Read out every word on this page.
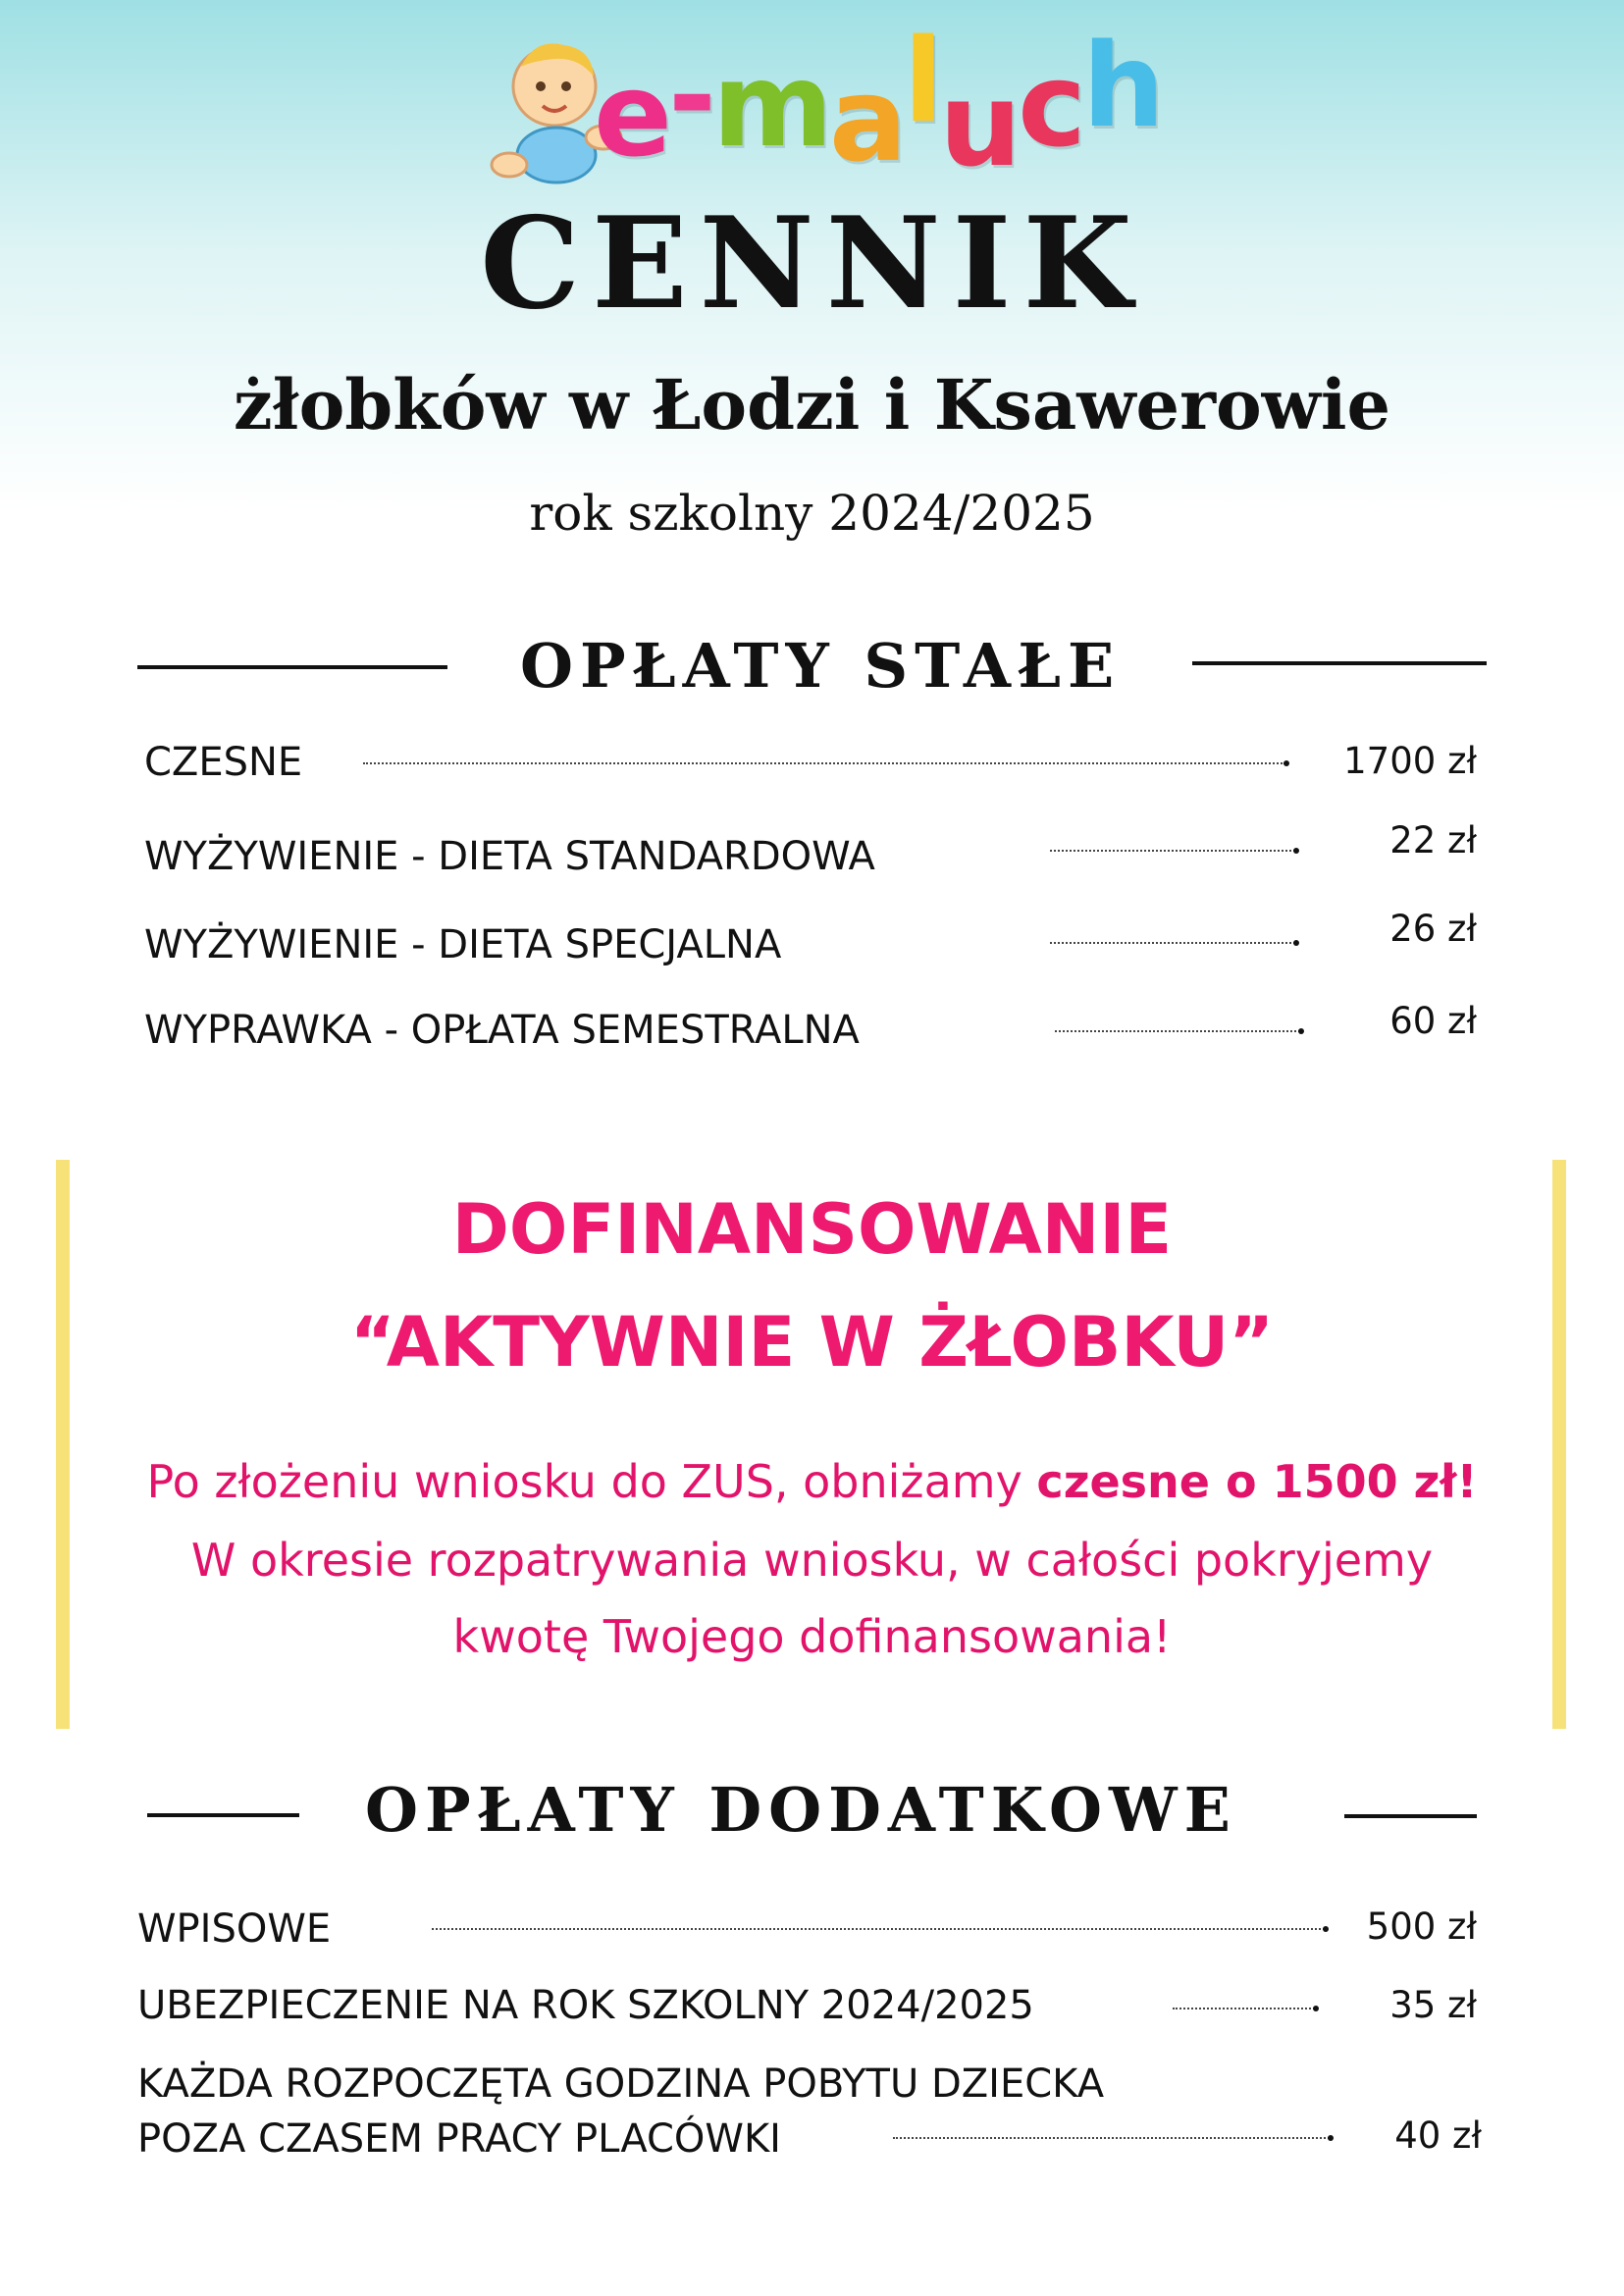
e-maluch
CENNIK
żłobków w Łodzi i Ksawerowie
rok szkolny 2024/2025
OPŁATY STAŁE
CZESNE	1700 zł
WYŻYWIENIE - DIETA STANDARDOWA	22 zł
WYŻYWIENIE - DIETA SPECJALNA	26 zł
WYPRAWKA - OPŁATA SEMESTRALNA	60 zł
DOFINANSOWANIE
“AKTYWNIE W ŻŁOBKU”
Po złożeniu wniosku do ZUS, obniżamy czesne o 1500 zł!
W okresie rozpatrywania wniosku, w całości pokryjemy
kwotę Twojego dofinansowania!
OPŁATY DODATKOWE
WPISOWE	500 zł
UBEZPIECZENIE NA ROK SZKOLNY 2024/2025	35 zł
KAŻDA ROZPOCZĘTA GODZINA POBYTU DZIECKA
POZA CZASEM PRACY PLACÓWKI	40 zł
